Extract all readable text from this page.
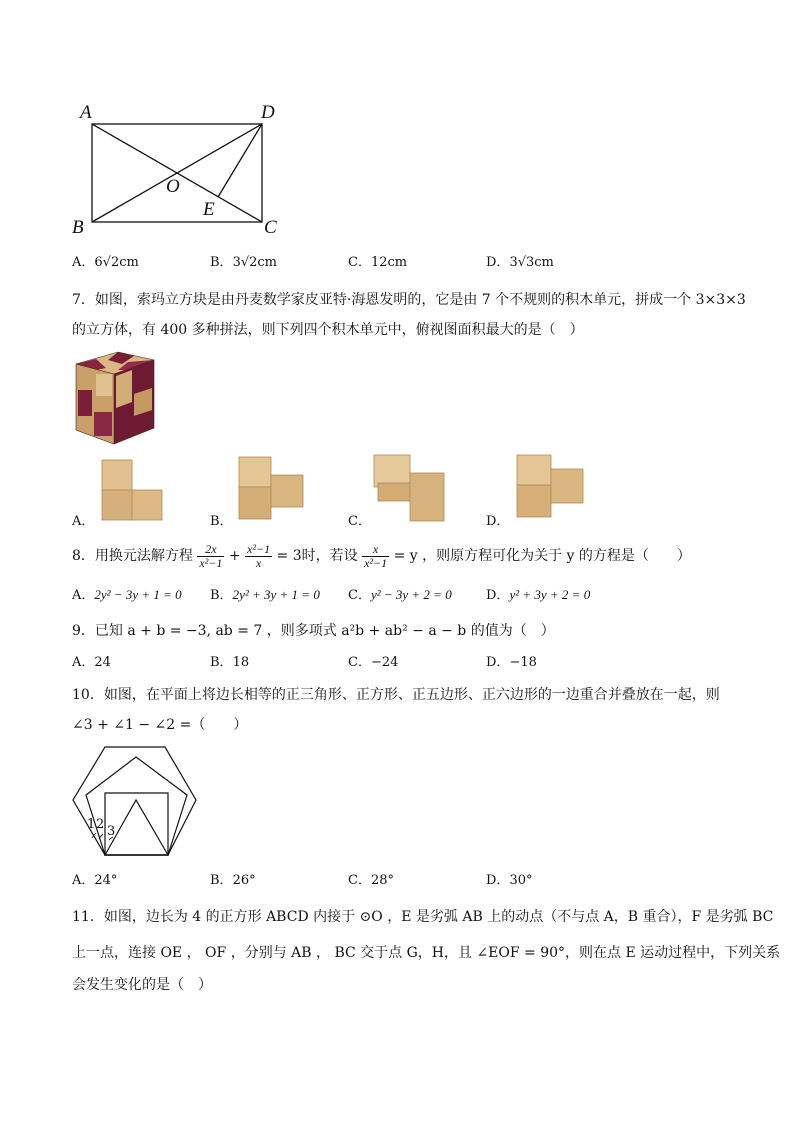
A	D
B	C
O
E
A．6√2cm	B．3√2cm	C．12cm	D．3√3cm
7．如图，索玛立方块是由丹麦数学家皮亚特·海恩发明的，它是由 7 个不规则的积木单元，拼成一个 3×3×3
的立方体，有 400 多种拼法，则下列四个积木单元中，俯视图面积最大的是（　）
A．	B．	C．	D．
8．用换元法解方程 $\frac{2x}{\text{x²−1}} + \frac{\text{x²−1}}{x} = 3$时，若设 $\frac{x}{\text{x²−1}} = y$ ，则原方程可化为关于 y 的方程是（　　）
A．2y² − 3y + 1 = 0 B．2y² + 3y + 1 = 0 C．y² − 3y + 2 = 0	D．y² + 3y + 2 = 0
9．已知 a + b = −3, ab = 7 ，则多项式 a²b + ab² − a − b 的值为（　）
A．24	B．18	C．−24	D．−18
10．如图，在平面上将边长相等的正三角形、正方形、正五边形、正六边形的一边重合并叠放在一起，则
∠3 + ∠1 − ∠2 =（　　）
1 2 3
A．24°	B．26°	C．28°	D．30°
11．如图，边长为 4 的正方形 ABCD 内接于 ⊙O ，E 是劣弧 AB 上的动点（不与点 A，B 重合），F 是劣弧 BC
上一点，连接 OE ， OF ，分别与 AB ， BC 交于点 G，H，且 ∠EOF = 90°，则在点 E 运动过程中，下列关系
会发生变化的是（　）
